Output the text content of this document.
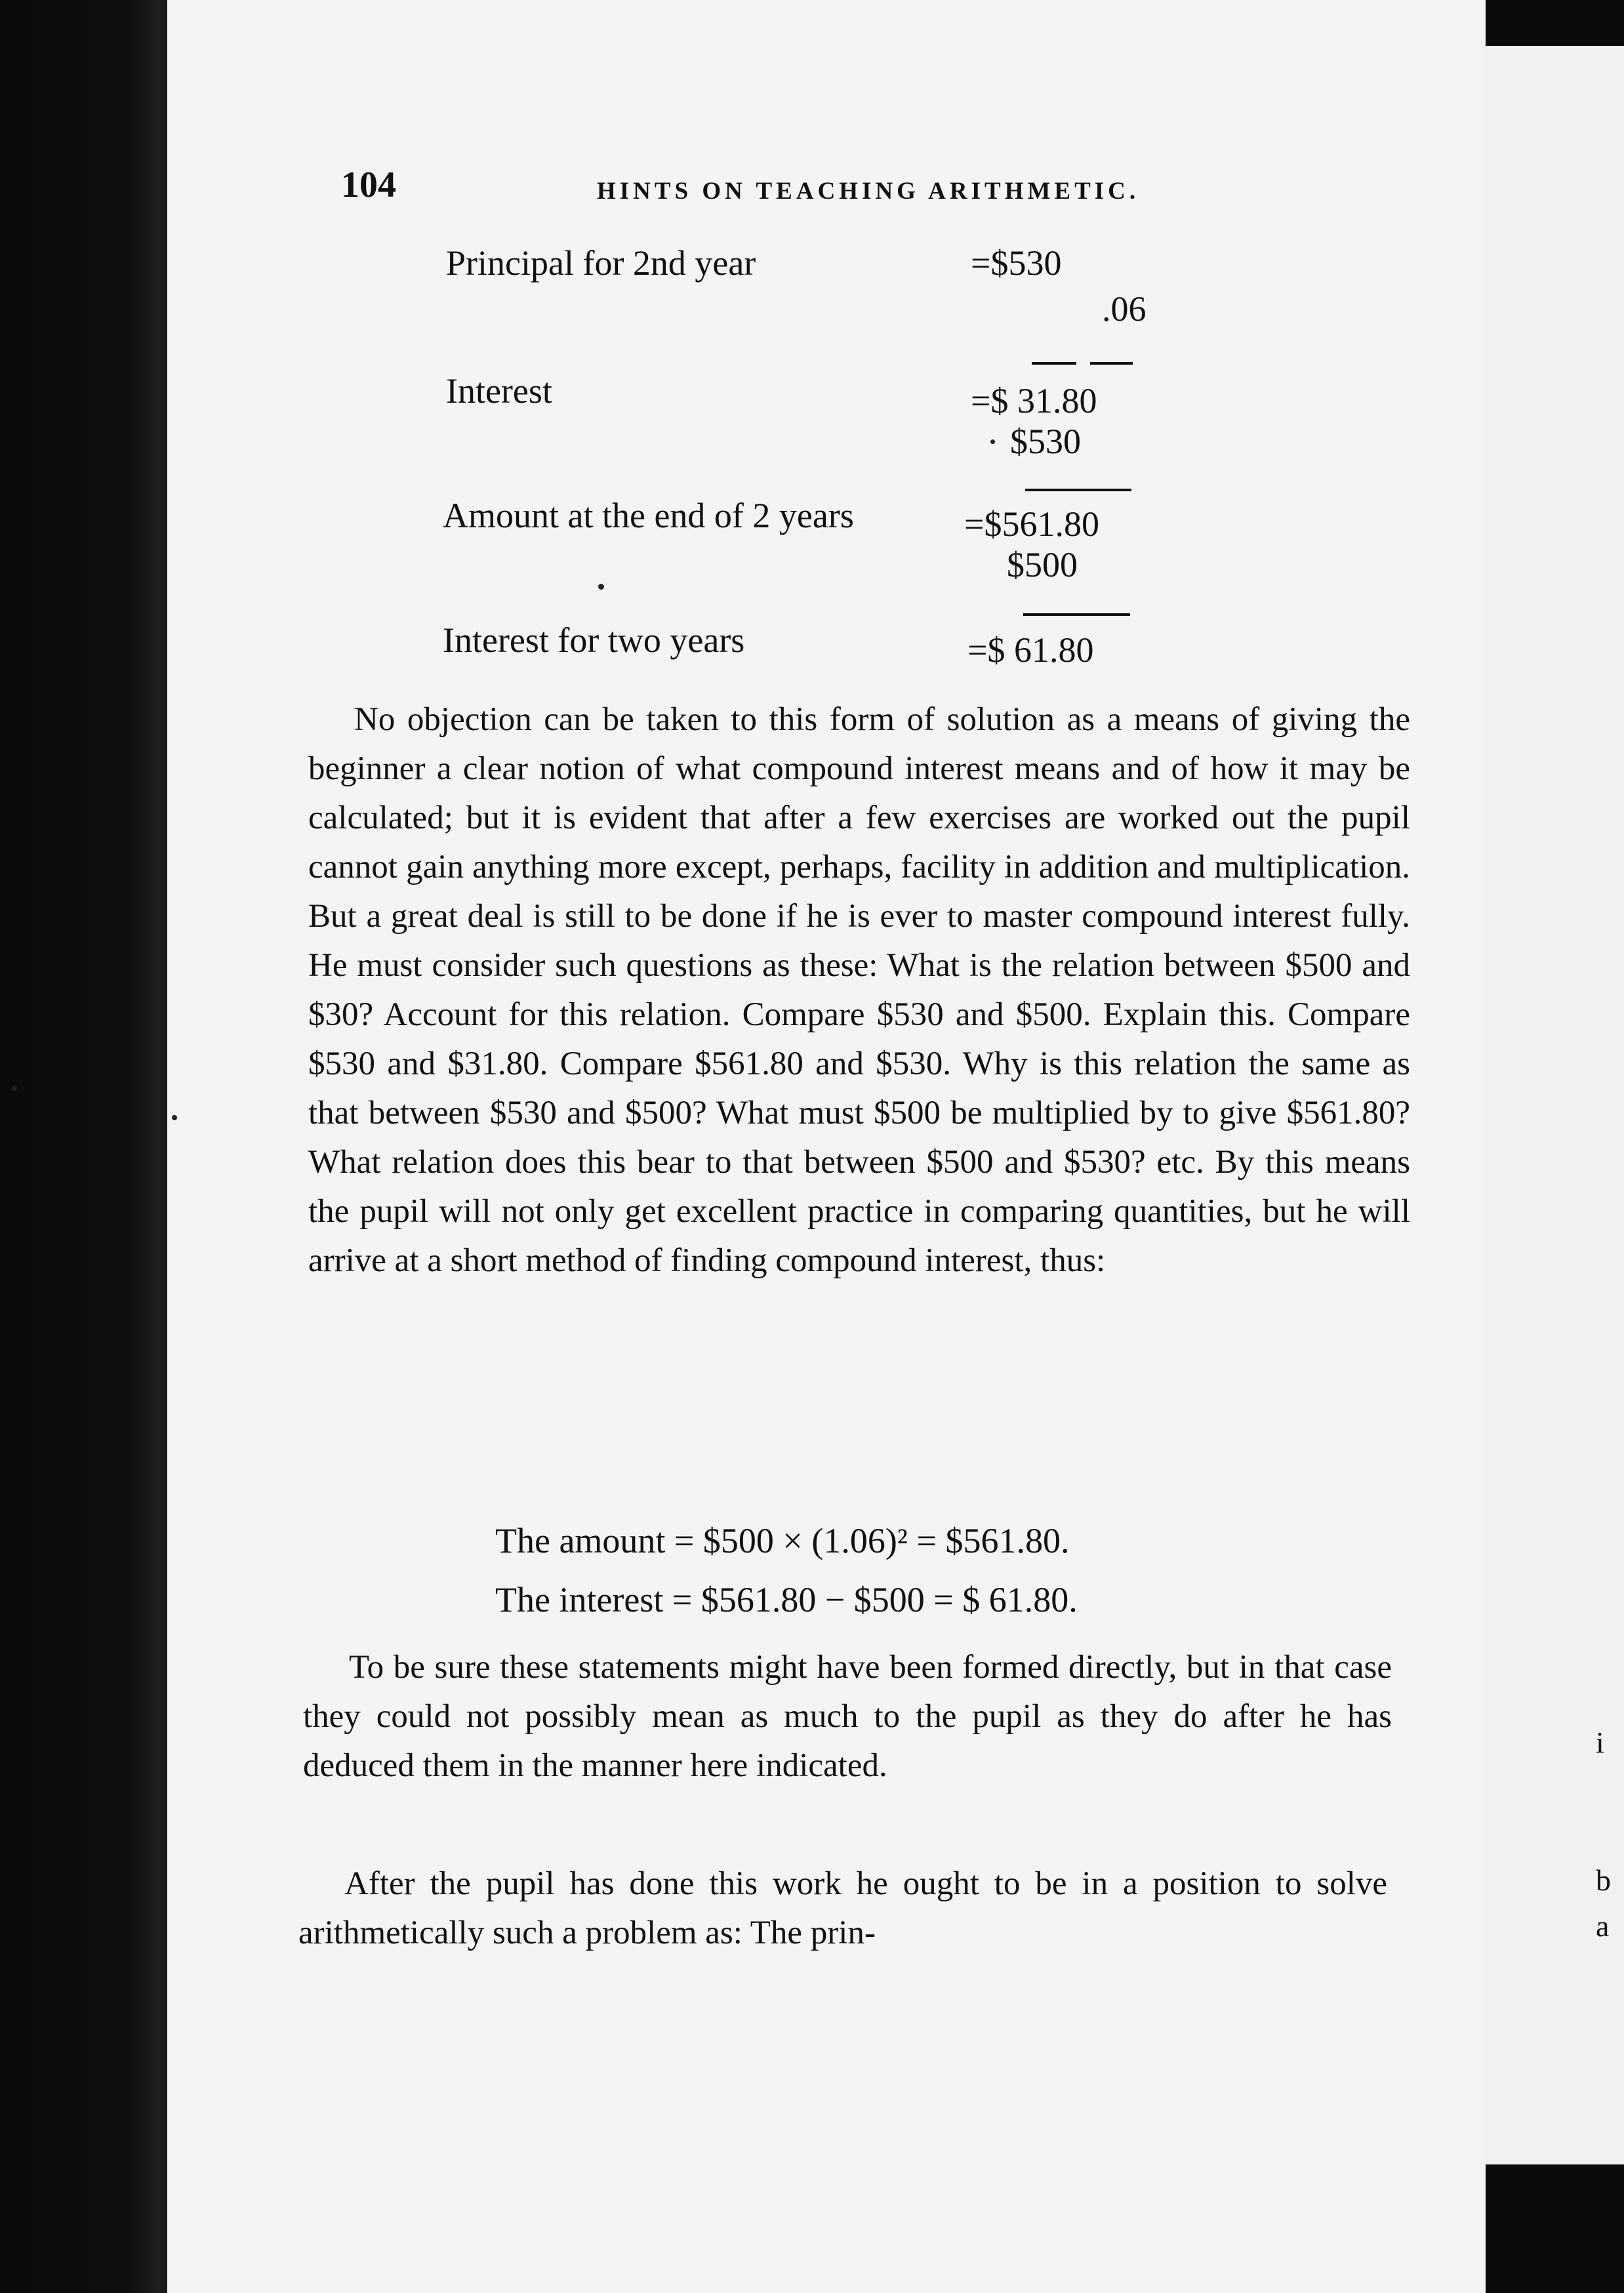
i
b
a
104	HINTS ON TEACHING ARITHMETIC.
Principal for 2nd year	=$530
.06
Interest	=$ 31.80
$530
Amount at the end of 2 years	=$561.80
$500
Interest for two years	=$ 61.80

No objection can be taken to this form of solution as a means of giving the beginner a clear notion of what compound interest means and of how it may be calculated; but it is evident that after a few exercises are worked out the pupil cannot gain anything more except, perhaps, facility in addition and multiplication. But a great deal is still to be done if he is ever to master compound interest fully. He must consider such questions as these: What is the relation between $500 and $30? Account for this relation. Compare $530 and $500. Explain this. Compare $530 and $31.80. Compare $561.80 and $530. Why is this relation the same as that between $530 and $500? What must $500 be multiplied by to give $561.80? What relation does this bear to that between $500 and $530? etc. By this means the pupil will not only get excellent practice in comparing quantities, but he will arrive at a short method of finding compound interest, thus:

The amount = $500 × (1.06)² = $561.80.
The interest = $561.80 − $500 = $ 61.80.

To be sure these statements might have been formed directly, but in that case they could not possibly mean as much to the pupil as they do after he has deduced them in the manner here indicated.

After the pupil has done this work he ought to be in a position to solve arithmetically such a problem as: The prin-
